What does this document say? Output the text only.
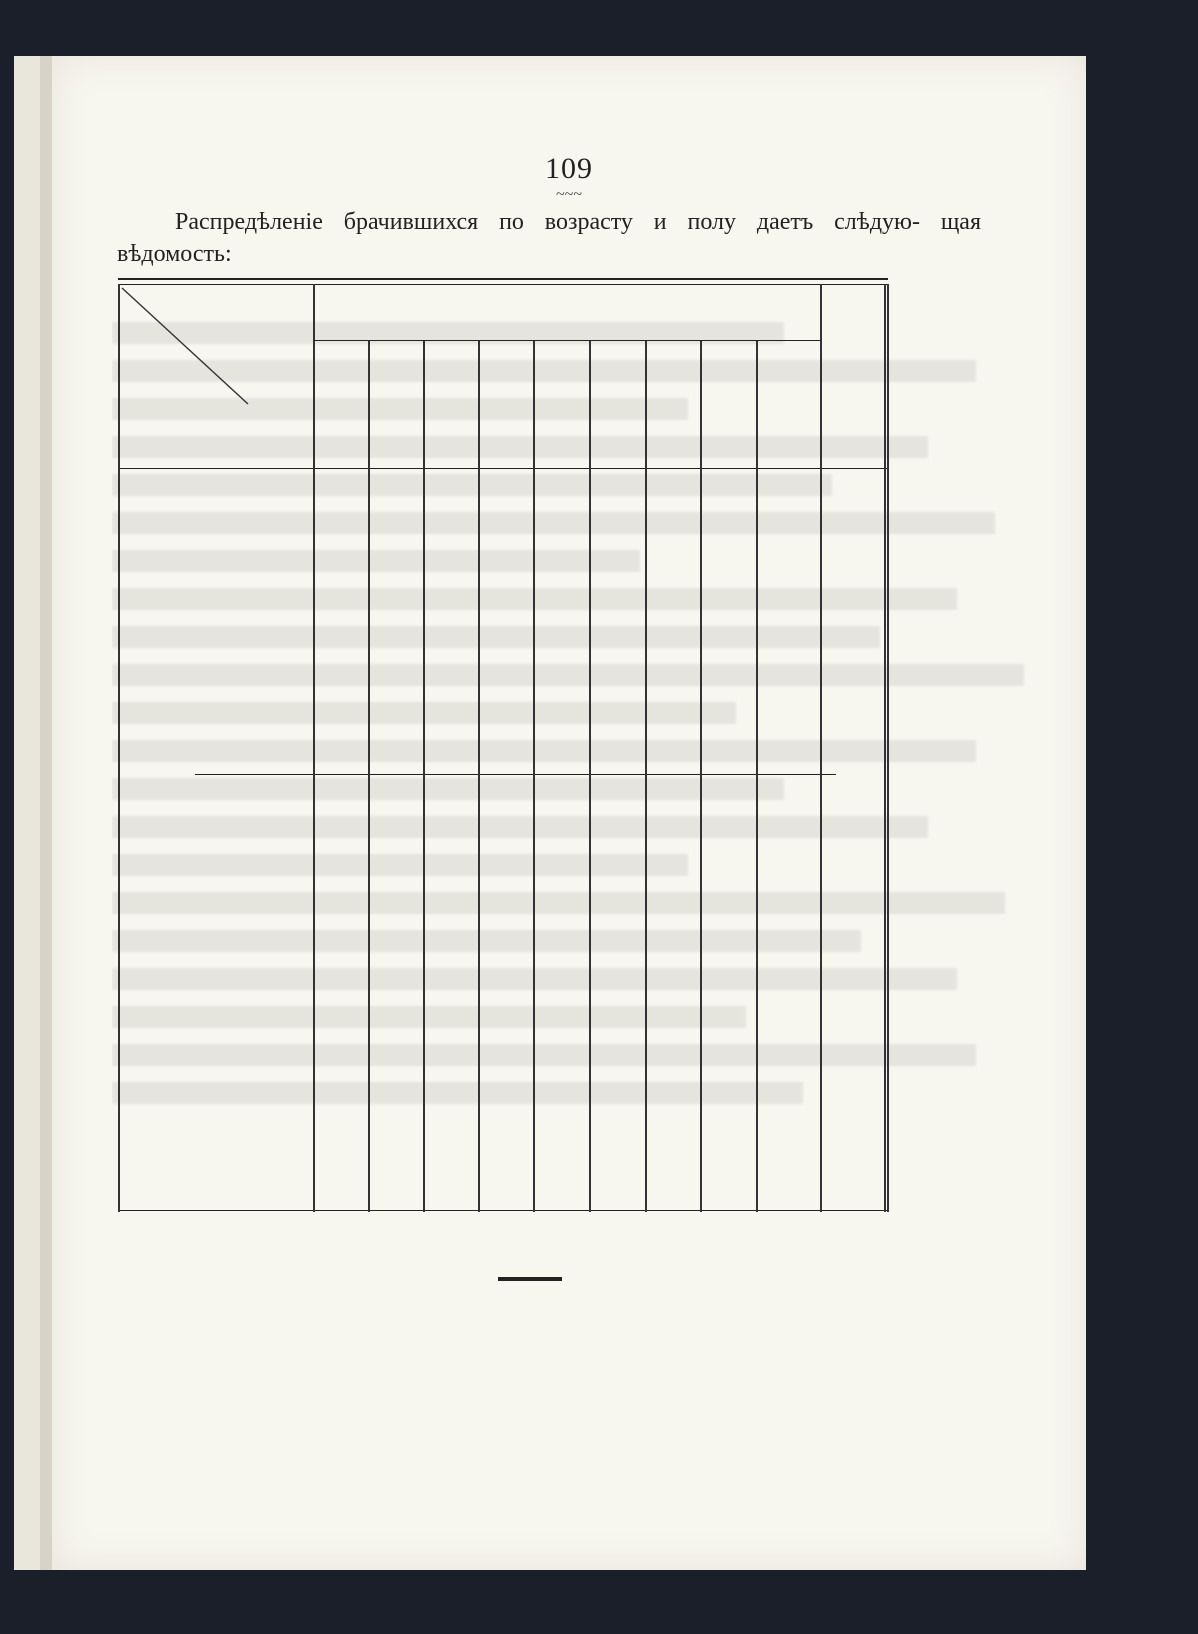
109
~~~
Распредѣленіе брачившихся по возрасту и полу даетъ слѣдую- щая вѣдомость:
